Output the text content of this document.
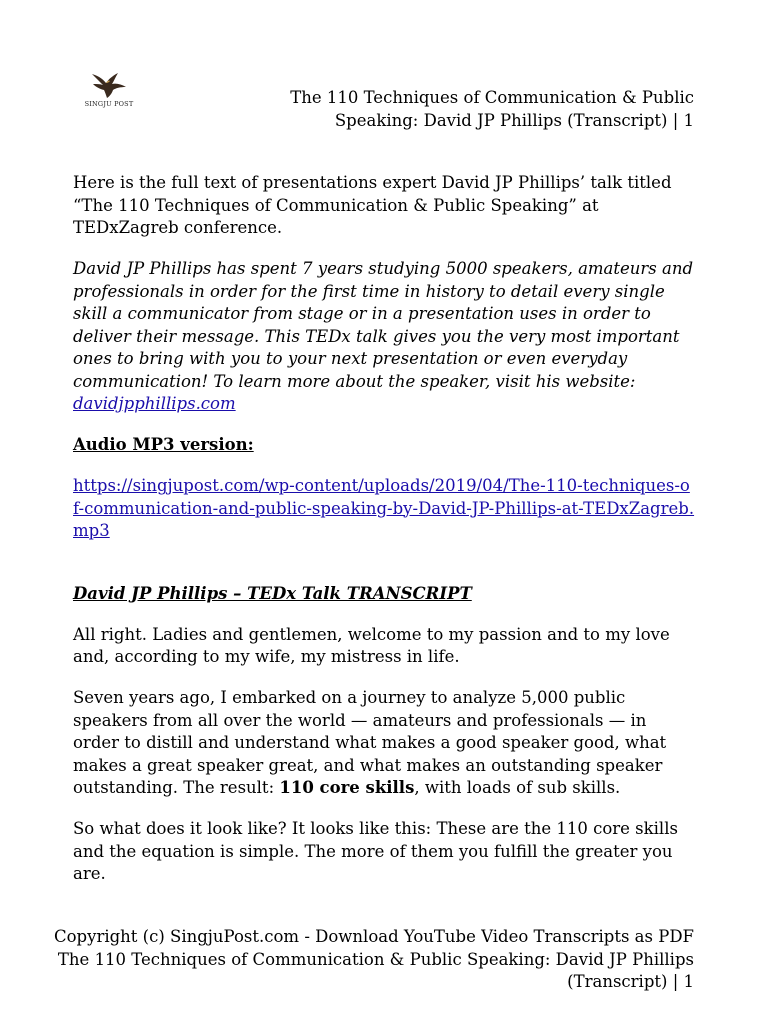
SINGJU POST	The 110 Techniques of Communication & Public Speaking: David JP Phillips (Transcript) | 1

Here is the full text of presentations expert David JP Phillips’ talk titled “The 110 Techniques of Communication & Public Speaking” at TEDxZagreb conference.

David JP Phillips has spent 7 years studying 5000 speakers, amateurs and professionals in order for the first time in history to detail every single skill a communicator from stage or in a presentation uses in order to deliver their message. This TEDx talk gives you the very most important ones to bring with you to your next presentation or even everyday communication! To learn more about the speaker, visit his website: davidjpphillips.com

Audio MP3 version:

https://singjupost.com/wp-content/uploads/2019/04/The-110-techniques-of-communication-and-public-speaking-by-David-JP-Phillips-at-TEDxZagreb.mp3

David JP Phillips – TEDx Talk TRANSCRIPT

All right. Ladies and gentlemen, welcome to my passion and to my love and, according to my wife, my mistress in life.

Seven years ago, I embarked on a journey to analyze 5,000 public speakers from all over the world — amateurs and professionals — in order to distill and understand what makes a good speaker good, what makes a great speaker great, and what makes an outstanding speaker outstanding. The result: 110 core skills, with loads of sub skills.

So what does it look like? It looks like this: These are the 110 core skills and the equation is simple. The more of them you fulfill the greater you are.

Copyright (c) SingjuPost.com - Download YouTube Video Transcripts as PDF The 110 Techniques of Communication & Public Speaking: David JP Phillips (Transcript) | 1
